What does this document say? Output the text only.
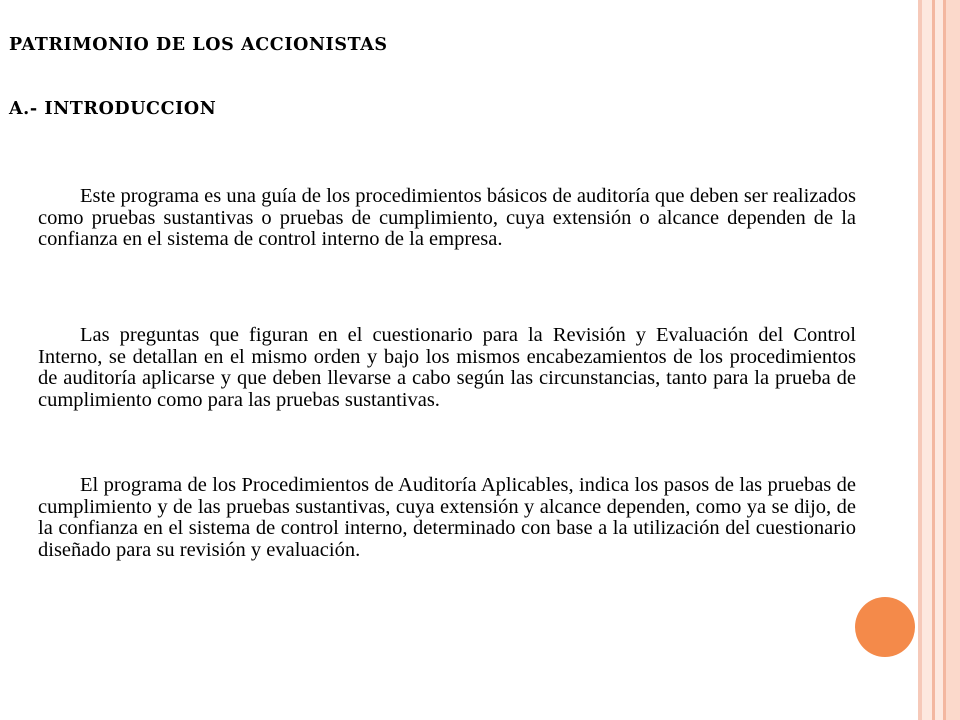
PATRIMONIO DE LOS ACCIONISTAS
A.- INTRODUCCION

Este programa es una guía de los procedimientos básicos de auditoría que deben ser realizados como pruebas sustantivas o pruebas de cumplimiento, cuya extensión o alcance dependen de la confianza en el sistema de control interno de la empresa.

Las preguntas que figuran en el cuestionario para la Revisión y Evaluación del Control Interno, se detallan en el mismo orden y bajo los mismos encabezamientos de los procedimientos de auditoría aplicarse y que deben llevarse a cabo según las circunstancias, tanto para la prueba de cumplimiento como para las pruebas sustantivas.

El programa de los Procedimientos de Auditoría Aplicables, indica los pasos de las pruebas de cumplimiento y de las pruebas sustantivas, cuya extensión y alcance dependen, como ya se dijo, de la confianza en el sistema de control interno, determinado con base a la utilización del cuestionario diseñado para su revisión y evaluación.
